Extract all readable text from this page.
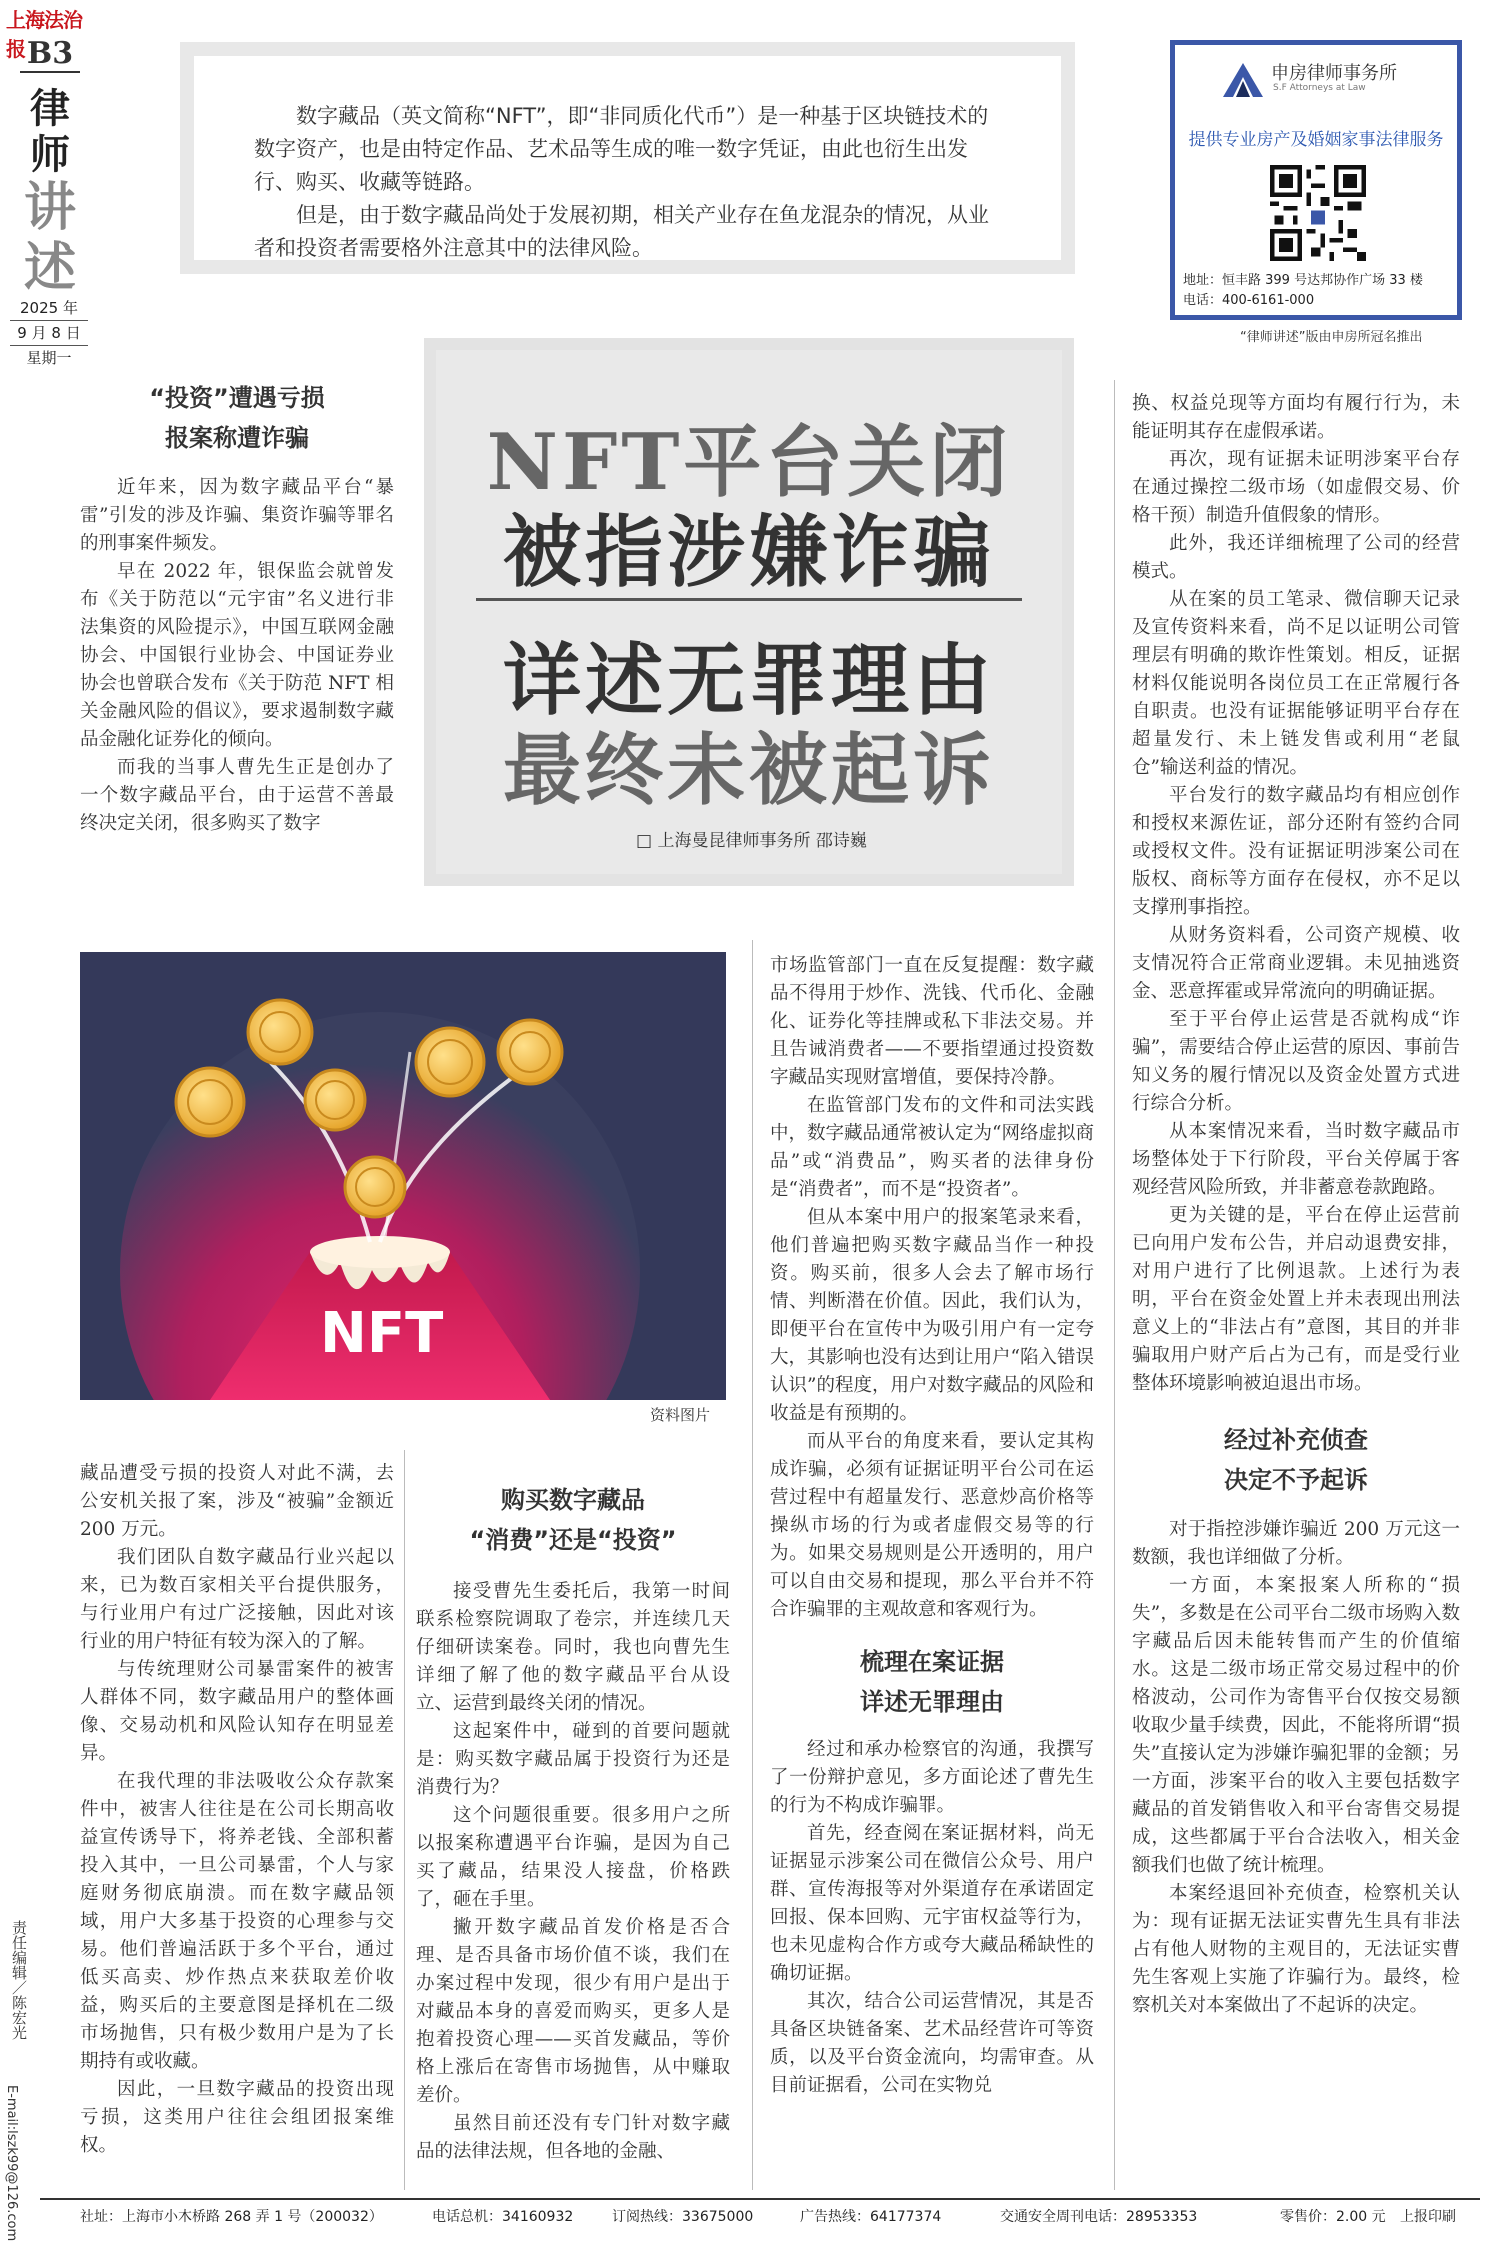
上海法治报 B3
律
师
讲
述
2025 年
9 月 8 日
星期一

数字藏品（英文简称“NFT”，即“非同质化代币”）是一种基于区块链技术的数字资产，也是由特定作品、艺术品等生成的唯一数字凭证，由此也衍生出发行、购买、收藏等链路。

但是，由于数字藏品尚处于发展初期，相关产业存在鱼龙混杂的情况，从业者和投资者需要格外注意其中的法律风险。

申房律师事务所
S.F Attorneys at Law
提供专业房产及婚姻家事法律服务
地址：恒丰路 399 号达邦协作广场 33 楼
电话：400-6161-000
“律师讲述”版由申房所冠名推出
NFT平台关闭
被指涉嫌诈骗
详述无罪理由
最终未被起诉
□ 上海曼昆律师事务所 邵诗巍
“投资”遭遇亏损
报案称遭诈骗

近年来，因为数字藏品平台“暴雷”引发的涉及诈骗、集资诈骗等罪名的刑事案件频发。

早在 2022 年，银保监会就曾发布《关于防范以“元宇宙”名义进行非法集资的风险提示》，中国互联网金融协会、中国银行业协会、中国证券业协会也曾联合发布《关于防范 NFT 相关金融风险的倡议》，要求遏制数字藏品金融化证券化的倾向。

而我的当事人曹先生正是创办了一个数字藏品平台，由于运营不善最终决定关闭，很多购买了数字

NFT
资料图片

藏品遭受亏损的投资人对此不满，去公安机关报了案，涉及“被骗”金额近 200 万元。

我们团队自数字藏品行业兴起以来，已为数百家相关平台提供服务，与行业用户有过广泛接触，因此对该行业的用户特征有较为深入的了解。

与传统理财公司暴雷案件的被害人群体不同，数字藏品用户的整体画像、交易动机和风险认知存在明显差异。

在我代理的非法吸收公众存款案件中，被害人往往是在公司长期高收益宣传诱导下，将养老钱、全部积蓄投入其中，一旦公司暴雷，个人与家庭财务彻底崩溃。而在数字藏品领域，用户大多基于投资的心理参与交易。他们普遍活跃于多个平台，通过低买高卖、炒作热点来获取差价收益，购买后的主要意图是择机在二级市场抛售，只有极少数用户是为了长期持有或收藏。

因此，一旦数字藏品的投资出现亏损，这类用户往往会组团报案维权。

购买数字藏品
“消费”还是“投资”

接受曹先生委托后，我第一时间联系检察院调取了卷宗，并连续几天仔细研读案卷。同时，我也向曹先生详细了解了他的数字藏品平台从设立、运营到最终关闭的情况。

这起案件中，碰到的首要问题就是：购买数字藏品属于投资行为还是消费行为？

这个问题很重要。很多用户之所以报案称遭遇平台诈骗，是因为自己买了藏品，结果没人接盘，价格跌了，砸在手里。

撇开数字藏品首发价格是否合理、是否具备市场价值不谈，我们在办案过程中发现，很少有用户是出于对藏品本身的喜爱而购买，更多人是抱着投资心理——买首发藏品，等价格上涨后在寄售市场抛售，从中赚取差价。

虽然目前还没有专门针对数字藏品的法律法规，但各地的金融、

市场监管部门一直在反复提醒：数字藏品不得用于炒作、洗钱、代币化、金融化、证券化等挂牌或私下非法交易。并且告诫消费者——不要指望通过投资数字藏品实现财富增值，要保持冷静。

在监管部门发布的文件和司法实践中，数字藏品通常被认定为“网络虚拟商品”或“消费品”，购买者的法律身份是“消费者”，而不是“投资者”。

但从本案中用户的报案笔录来看，他们普遍把购买数字藏品当作一种投资。购买前，很多人会去了解市场行情、判断潜在价值。因此，我们认为，即便平台在宣传中为吸引用户有一定夸大，其影响也没有达到让用户“陷入错误认识”的程度，用户对数字藏品的风险和收益是有预期的。

而从平台的角度来看，要认定其构成诈骗，必须有证据证明平台公司在运营过程中有超量发行、恶意炒高价格等操纵市场的行为或者虚假交易等的行为。如果交易规则是公开透明的，用户可以自由交易和提现，那么平台并不符合诈骗罪的主观故意和客观行为。

梳理在案证据
详述无罪理由

经过和承办检察官的沟通，我撰写了一份辩护意见，多方面论述了曹先生的行为不构成诈骗罪。

首先，经查阅在案证据材料，尚无证据显示涉案公司在微信公众号、用户群、宣传海报等对外渠道存在承诺固定回报、保本回购、元宇宙权益等行为，也未见虚构合作方或夸大藏品稀缺性的确切证据。

其次，结合公司运营情况，其是否具备区块链备案、艺术品经营许可等资质，以及平台资金流向，均需审查。从目前证据看，公司在实物兑

换、权益兑现等方面均有履行行为，未能证明其存在虚假承诺。

再次，现有证据未证明涉案平台存在通过操控二级市场（如虚假交易、价格干预）制造升值假象的情形。

此外，我还详细梳理了公司的经营模式。

从在案的员工笔录、微信聊天记录及宣传资料来看，尚不足以证明公司管理层有明确的欺诈性策划。相反，证据材料仅能说明各岗位员工在正常履行各自职责。也没有证据能够证明平台存在超量发行、未上链发售或利用“老鼠仓”输送利益的情况。

平台发行的数字藏品均有相应创作和授权来源佐证，部分还附有签约合同或授权文件。没有证据证明涉案公司在版权、商标等方面存在侵权，亦不足以支撑刑事指控。

从财务资料看，公司资产规模、收支情况符合正常商业逻辑。未见抽逃资金、恶意挥霍或异常流向的明确证据。

至于平台停止运营是否就构成“诈骗”，需要结合停止运营的原因、事前告知义务的履行情况以及资金处置方式进行综合分析。

从本案情况来看，当时数字藏品市场整体处于下行阶段，平台关停属于客观经营风险所致，并非蓄意卷款跑路。

更为关键的是，平台在停止运营前已向用户发布公告，并启动退费安排，对用户进行了比例退款。上述行为表明，平台在资金处置上并未表现出刑法意义上的“非法占有”意图，其目的并非骗取用户财产后占为己有，而是受行业整体环境影响被迫退出市场。

经过补充侦查
决定不予起诉

对于指控涉嫌诈骗近 200 万元这一数额，我也详细做了分析。

一方面，本案报案人所称的“损失”，多数是在公司平台二级市场购入数字藏品后因未能转售而产生的价值缩水。这是二级市场正常交易过程中的价格波动，公司作为寄售平台仅按交易额收取少量手续费，因此，不能将所谓“损失”直接认定为涉嫌诈骗犯罪的金额；另一方面，涉案平台的收入主要包括数字藏品的首发销售收入和平台寄售交易提成，这些都属于平台合法收入，相关金额我们也做了统计梳理。

本案经退回补充侦查，检察机关认为：现有证据无法证实曹先生具有非法占有他人财物的主观目的，无法证实曹先生客观上实施了诈骗行为。最终，检察机关对本案做出了不起诉的决定。

责任编辑／陈宏光
E-mail:lszk99@126.com	社址：上海市小木桥路 268 弄 1 号（200032）	电话总机：34160932	订阅热线：33675000	广告热线：64177374	交通安全周刊电话：28953353	零售价：2.00 元 上报印刷
